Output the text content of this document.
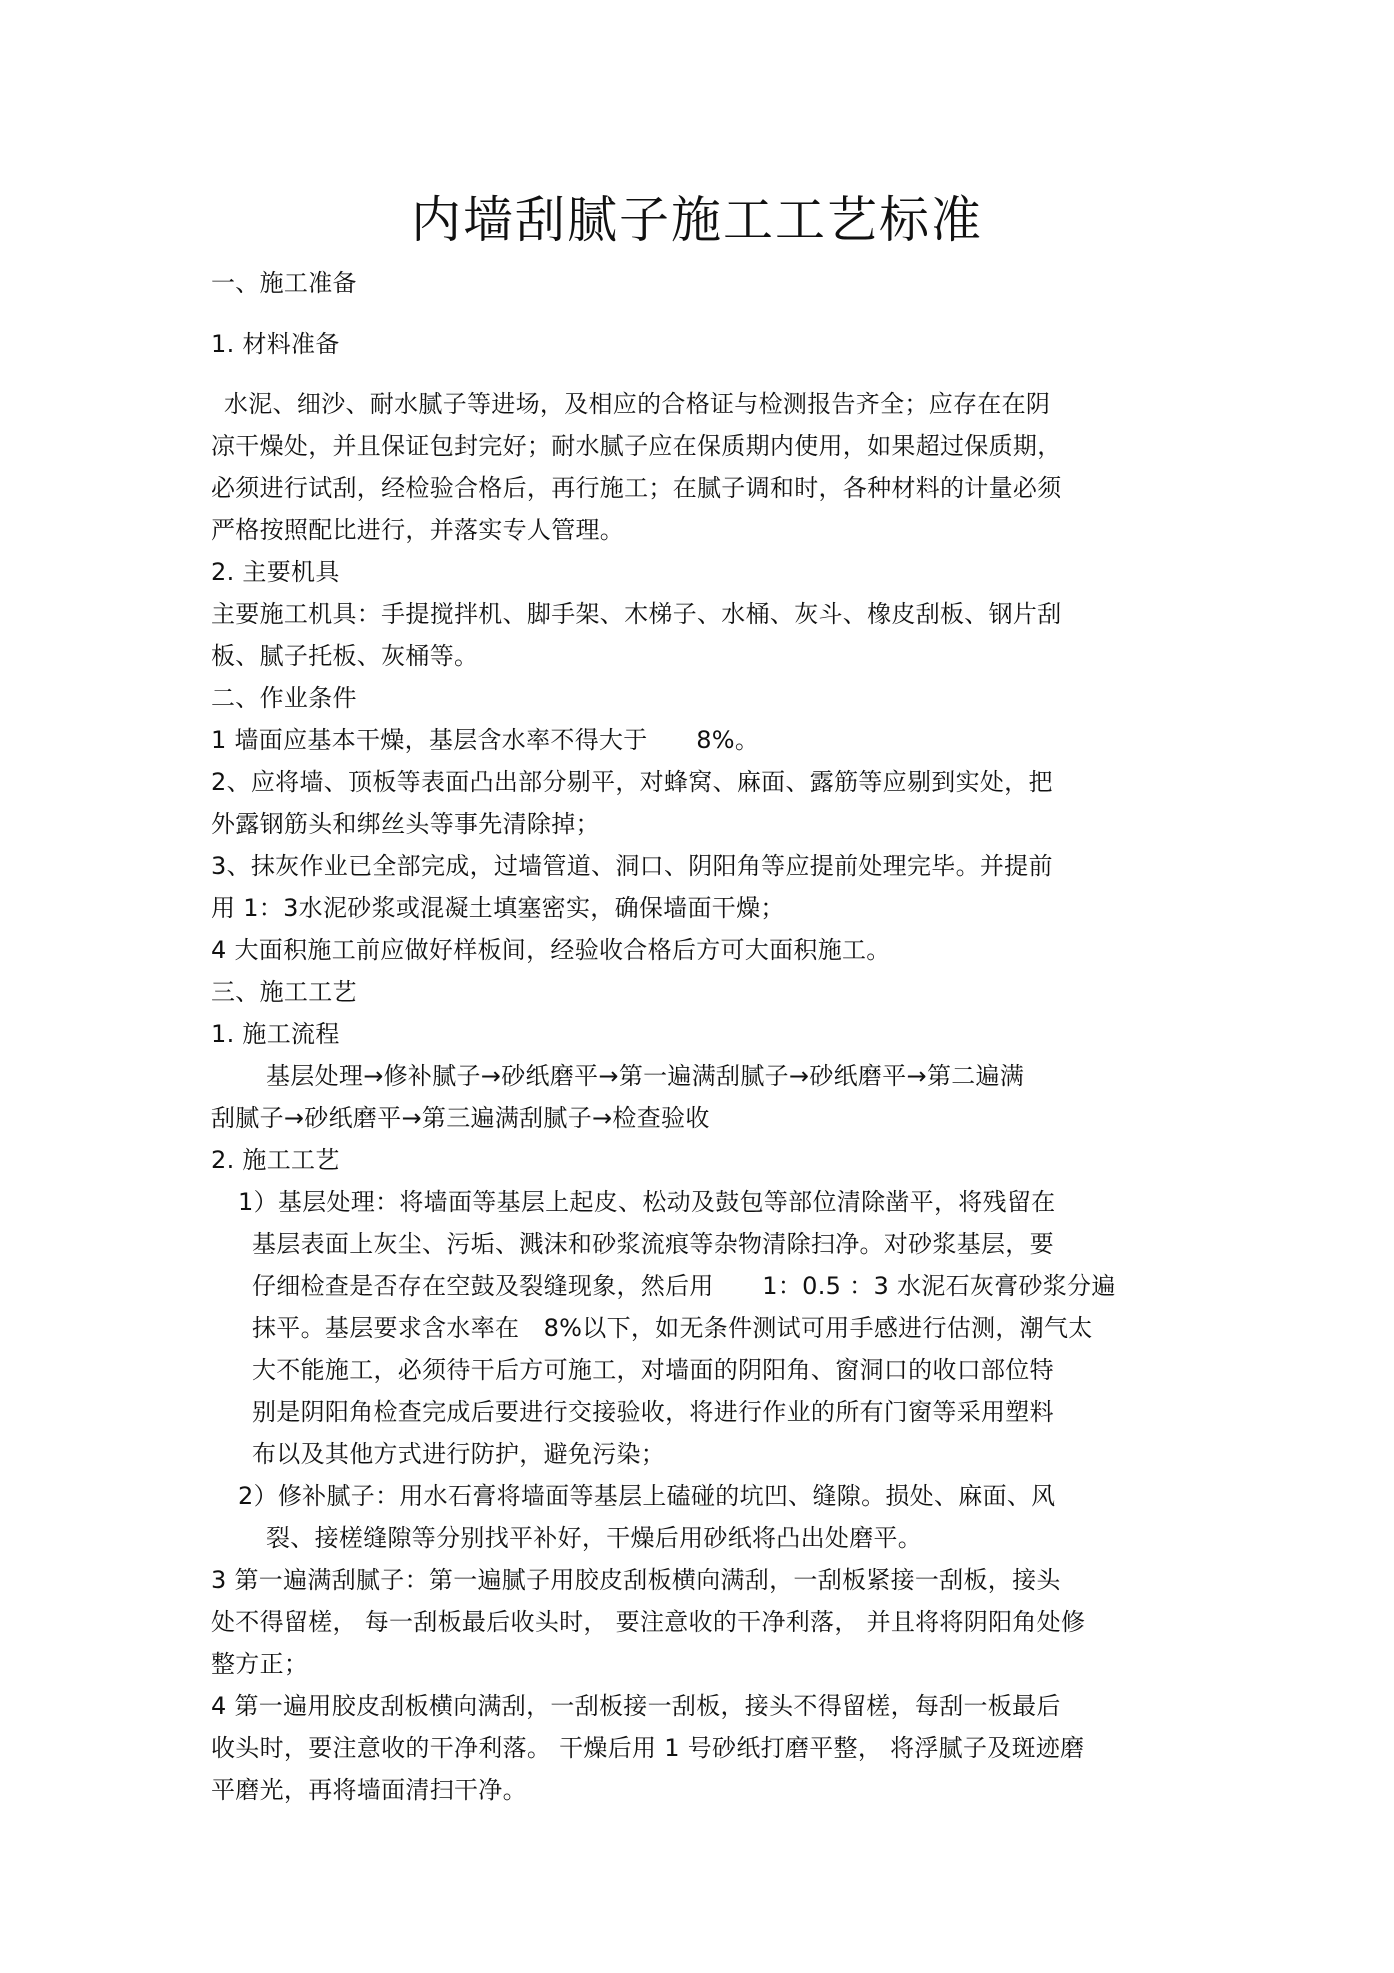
内墙刮腻子施工工艺标准
一、施工准备
1. 材料准备
水泥、细沙、耐水腻子等进场，及相应的合格证与检测报告齐全；应存在在阴
凉干燥处，并且保证包封完好；耐水腻子应在保质期内使用，如果超过保质期，
必须进行试刮，经检验合格后，再行施工；在腻子调和时，各种材料的计量必须
严格按照配比进行，并落实专人管理。
2. 主要机具
主要施工机具：手提搅拌机、脚手架、木梯子、水桶、灰斗、橡皮刮板、钢片刮
板、腻子托板、灰桶等。
二、作业条件
1 墙面应基本干燥，基层含水率不得大于　　8%。
2、应将墙、顶板等表面凸出部分剔平，对蜂窝、麻面、露筋等应剔到实处，把
外露钢筋头和绑丝头等事先清除掉；
3、抹灰作业已全部完成，过墙管道、洞口、阴阳角等应提前处理完毕。并提前
用 1：3水泥砂浆或混凝土填塞密实，确保墙面干燥；
4 大面积施工前应做好样板间，经验收合格后方可大面积施工。
三、施工工艺
1. 施工流程
基层处理→修补腻子→砂纸磨平→第一遍满刮腻子→砂纸磨平→第二遍满
刮腻子→砂纸磨平→第三遍满刮腻子→检查验收
2. 施工工艺
1）基层处理：将墙面等基层上起皮、松动及鼓包等部位清除凿平，将残留在
基层表面上灰尘、污垢、溅沫和砂浆流痕等杂物清除扫净。对砂浆基层，要
仔细检查是否存在空鼓及裂缝现象，然后用　　1：0.5 ：3 水泥石灰膏砂浆分遍
抹平。基层要求含水率在　8%以下，如无条件测试可用手感进行估测，潮气太
大不能施工，必须待干后方可施工，对墙面的阴阳角、窗洞口的收口部位特
别是阴阳角检查完成后要进行交接验收，将进行作业的所有门窗等采用塑料
布以及其他方式进行防护，避免污染；
2）修补腻子：用水石膏将墙面等基层上磕碰的坑凹、缝隙。损处、麻面、风
裂、接槎缝隙等分别找平补好，干燥后用砂纸将凸出处磨平。
3 第一遍满刮腻子：第一遍腻子用胶皮刮板横向满刮，一刮板紧接一刮板，接头
处不得留槎， 每一刮板最后收头时， 要注意收的干净利落， 并且将将阴阳角处修
整方正；
4 第一遍用胶皮刮板横向满刮，一刮板接一刮板，接头不得留槎，每刮一板最后
收头时，要注意收的干净利落。 干燥后用 1 号砂纸打磨平整， 将浮腻子及斑迹磨
平磨光，再将墙面清扫干净。
